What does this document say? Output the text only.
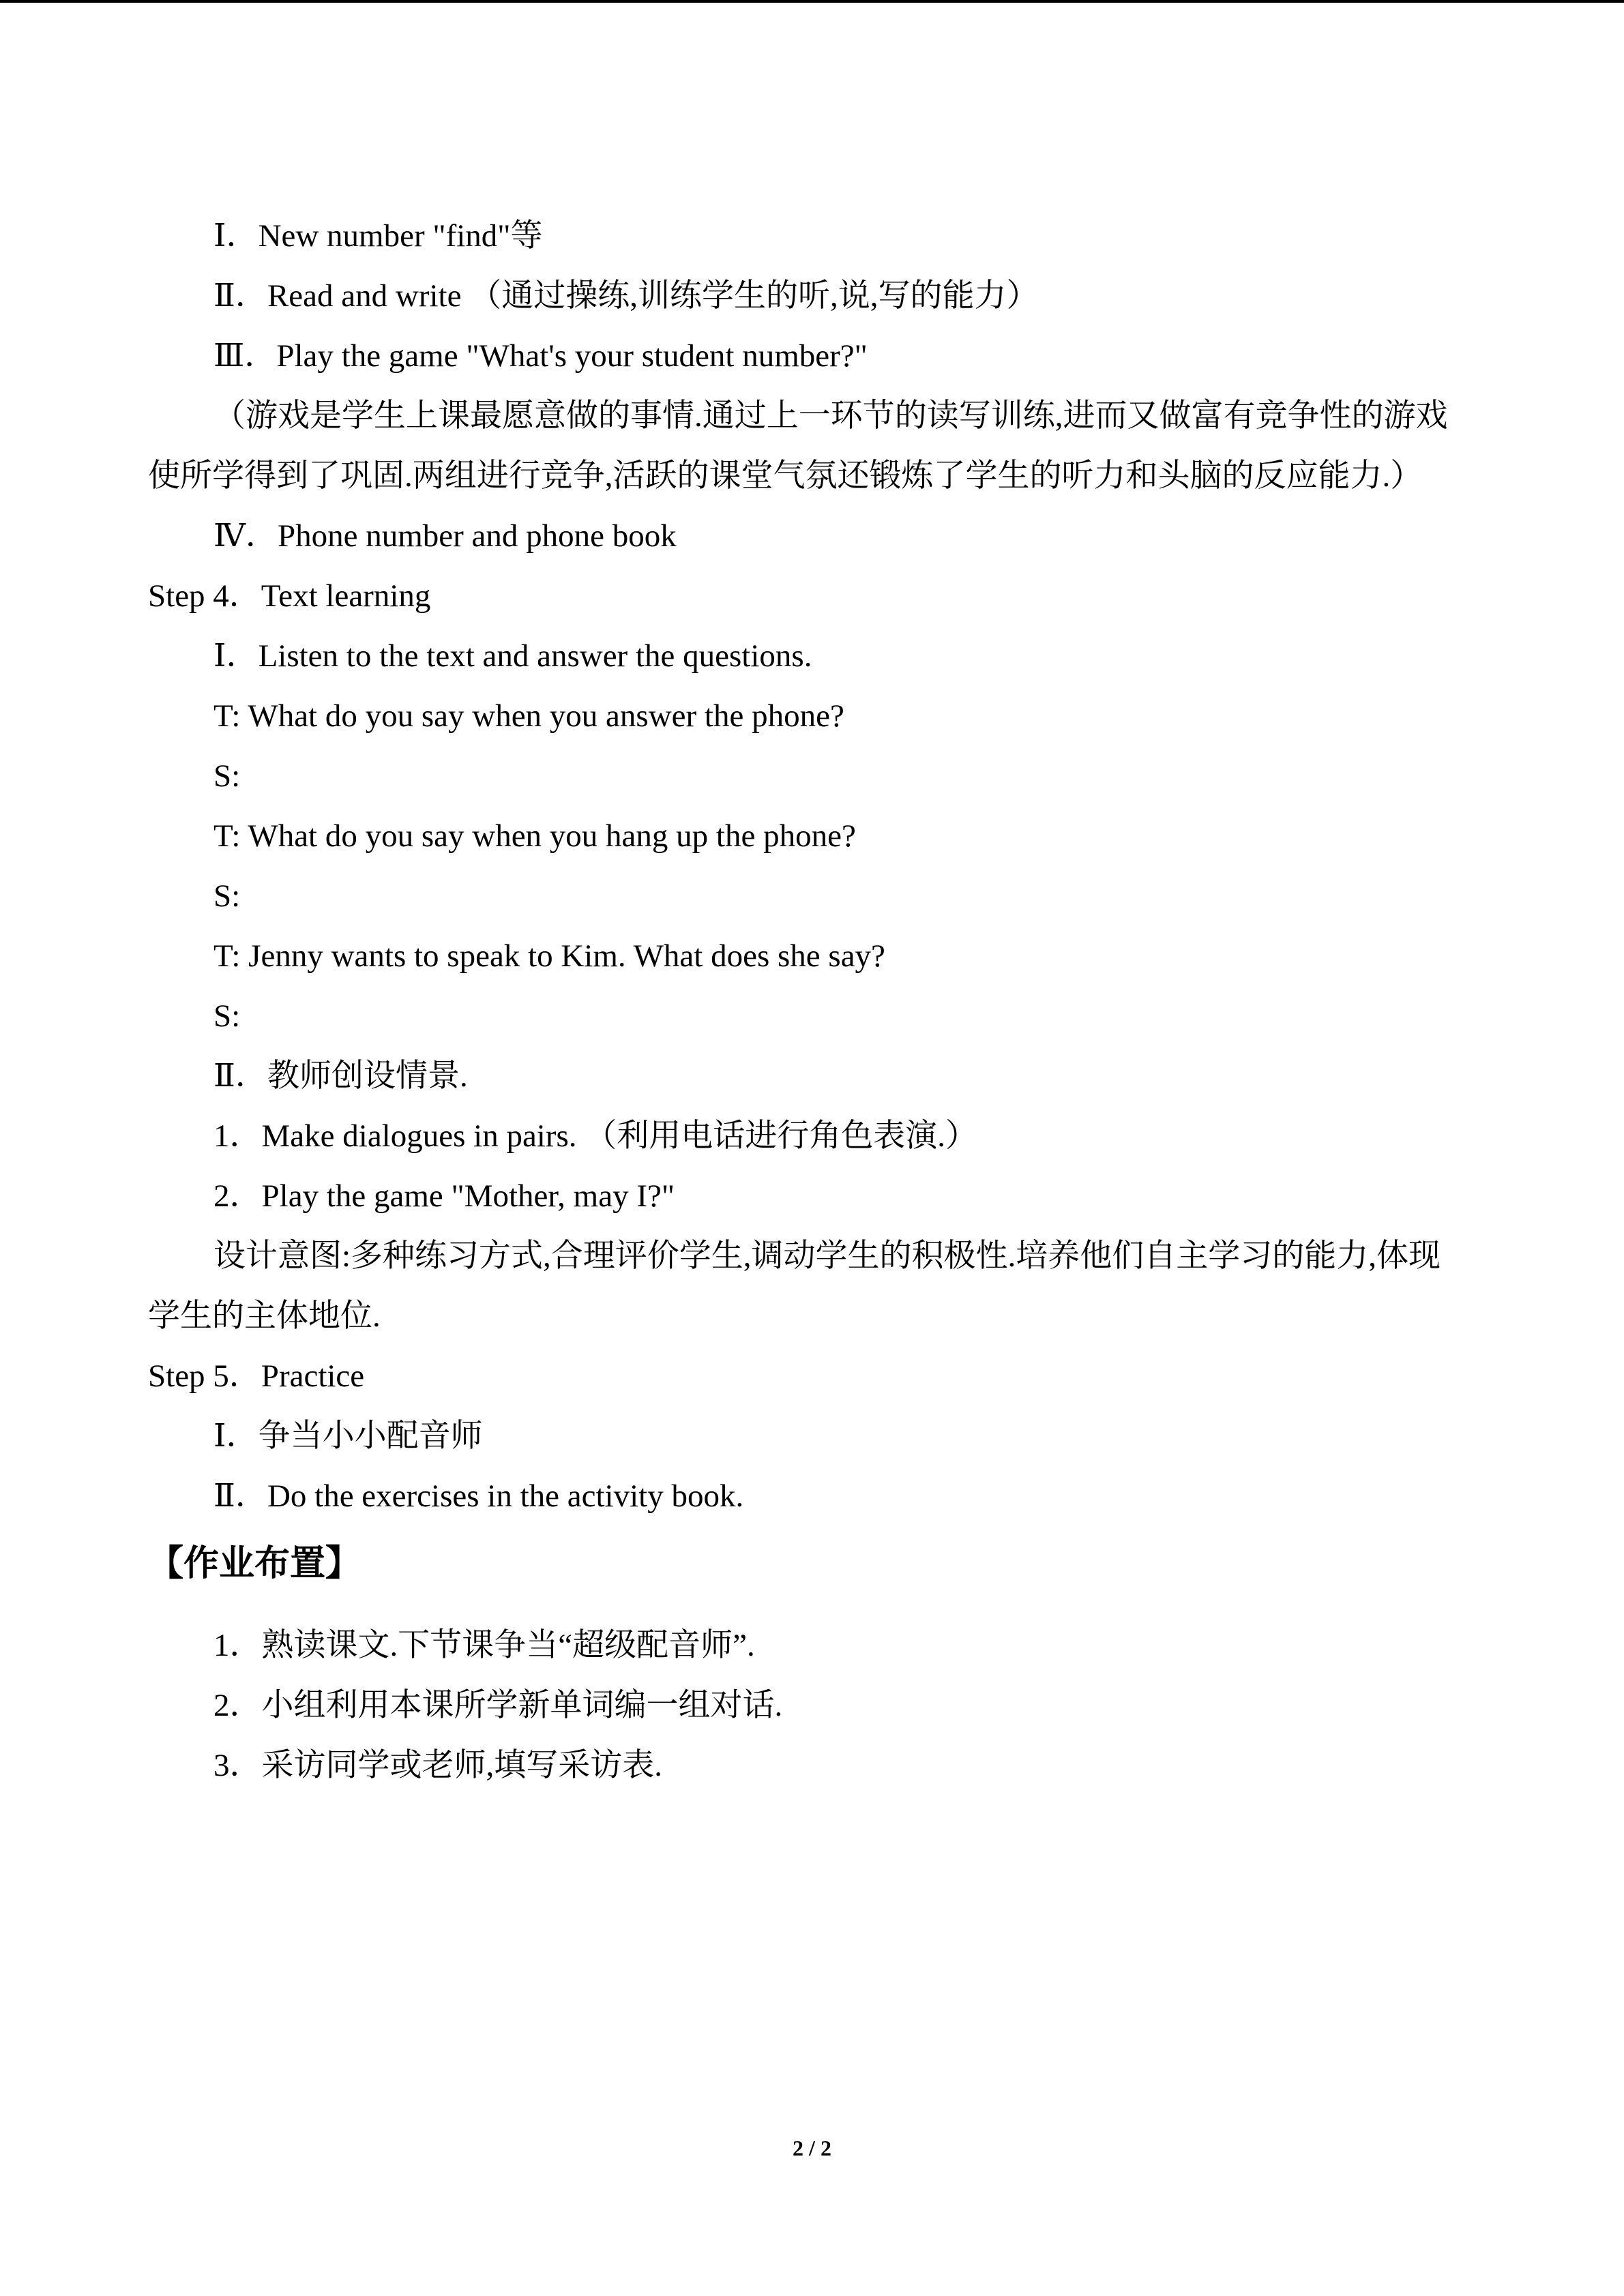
Ⅰ．New number "find"等
Ⅱ．Read and write （通过操练,训练学生的听,说,写的能力）
Ⅲ．Play the game "What's your student number?"
（游戏是学生上课最愿意做的事情.通过上一环节的读写训练,进而又做富有竞争性的游戏
使所学得到了巩固.两组进行竞争,活跃的课堂气氛还锻炼了学生的听力和头脑的反应能力.）
Ⅳ．Phone number and phone book
Step 4．Text learning
Ⅰ．Listen to the text and answer the questions.
T: What do you say when you answer the phone?
S:
T: What do you say when you hang up the phone?
S:
T: Jenny wants to speak to Kim. What does she say?
S:
Ⅱ．教师创设情景.
1．Make dialogues in pairs. （利用电话进行角色表演.）
2．Play the game "Mother, may I?"
设计意图:多种练习方式,合理评价学生,调动学生的积极性.培养他们自主学习的能力,体现
学生的主体地位.
Step 5．Practice
Ⅰ．争当小小配音师
Ⅱ．Do the exercises in the activity book.
【作业布置】
1．熟读课文.下节课争当“超级配音师”.
2．小组利用本课所学新单词编一组对话.
3．采访同学或老师,填写采访表.
2 / 2
